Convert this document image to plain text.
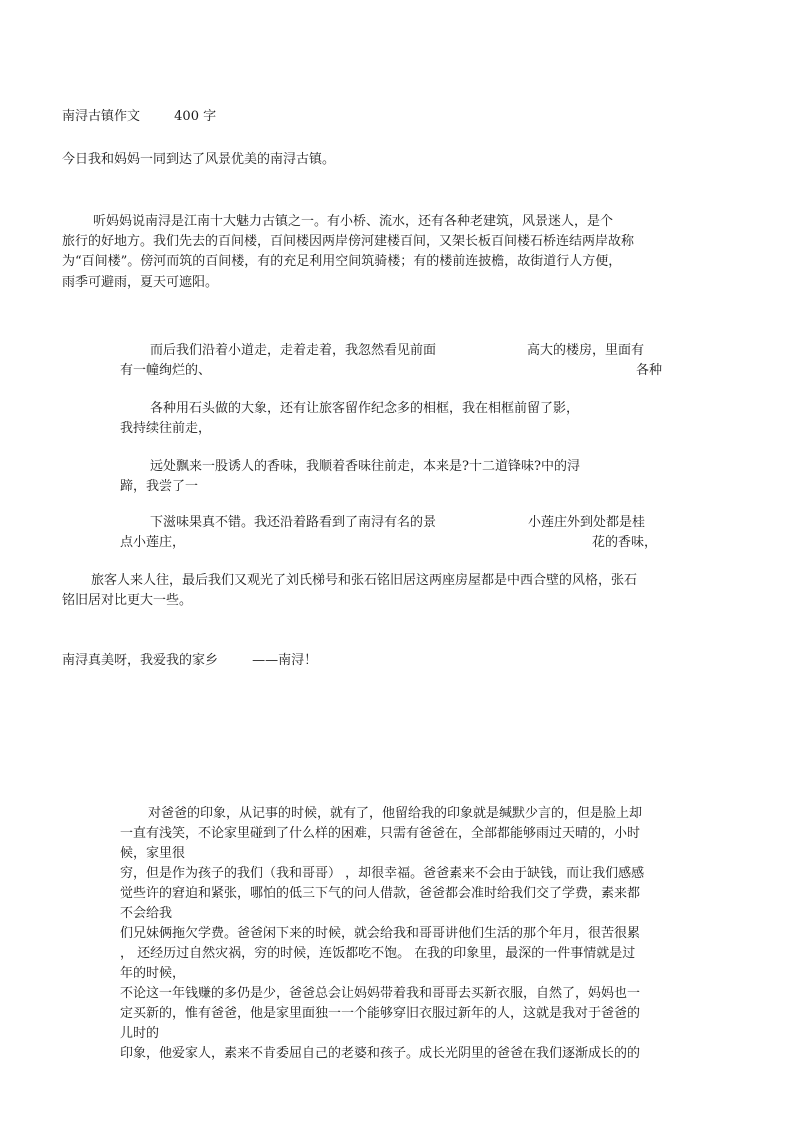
南浔古镇作文	400 字
今日我和妈妈一同到达了风景优美的南浔古镇。
听妈妈说南浔是江南十大魅力古镇之一。有小桥、流水，还有各种老建筑，风景迷人，是个
旅行的好地方。我们先去的百间楼，百间楼因两岸傍河建楼百间，又架长板百间楼石桥连结两岸故称
为“百间楼”。傍河而筑的百间楼，有的充足利用空间筑骑楼；有的楼前连披檐，故街道行人方便，
雨季可避雨，夏天可遮阳。
而后我们沿着小道走，走着走着，我忽然看见前面	高大的楼房，里面有
有一幢绚烂的、	各种
各种用石头做的大象，还有让旅客留作纪念多的相框，我在相框前留了影，
我持续往前走，
远处飘来一股诱人的香味，我顺着香味往前走，本来是?十二道锋味?中的浔
蹄，我尝了一
下滋味果真不错。我还沿着路看到了南浔有名的景	小莲庄外到处都是桂
点小莲庄，	花的香味，
旅客人来人往，最后我们又观光了刘氏梯号和张石铭旧居这两座房屋都是中西合壁的风格，张石
铭旧居对比更大一些。
南浔真美呀，我爱我的家乡	——南浔！
对爸爸的印象，从记事的时候，就有了，他留给我的印象就是缄默少言的，但是脸上却
一直有浅笑，不论家里碰到了什么样的困难，只需有爸爸在，全部都能够雨过天晴的，小时
候，家里很
穷，但是作为孩子的我们（我和哥哥） ，却很幸福。爸爸素来不会由于缺钱，而让我们感感
觉些许的窘迫和紧张，哪怕的低三下气的问人借款，爸爸都会准时给我们交了学费，素来都
不会给我
们兄妹俩拖欠学费。爸爸闲下来的时候，就会给我和哥哥讲他们生活的那个年月，很苦很累
， 还经历过自然灾祸，穷的时候，连饭都吃不饱。 在我的印象里，最深的一件事情就是过
年的时候，
不论这一年钱赚的多仍是少，爸爸总会让妈妈带着我和哥哥去买新衣服，自然了，妈妈也一
定买新的，惟有爸爸，他是家里面独一一个能够穿旧衣服过新年的人，这就是我对于爸爸的
儿时的
印象，他爱家人，素来不肯委屈自己的老婆和孩子。成长光阴里的爸爸在我们逐渐成长的的
